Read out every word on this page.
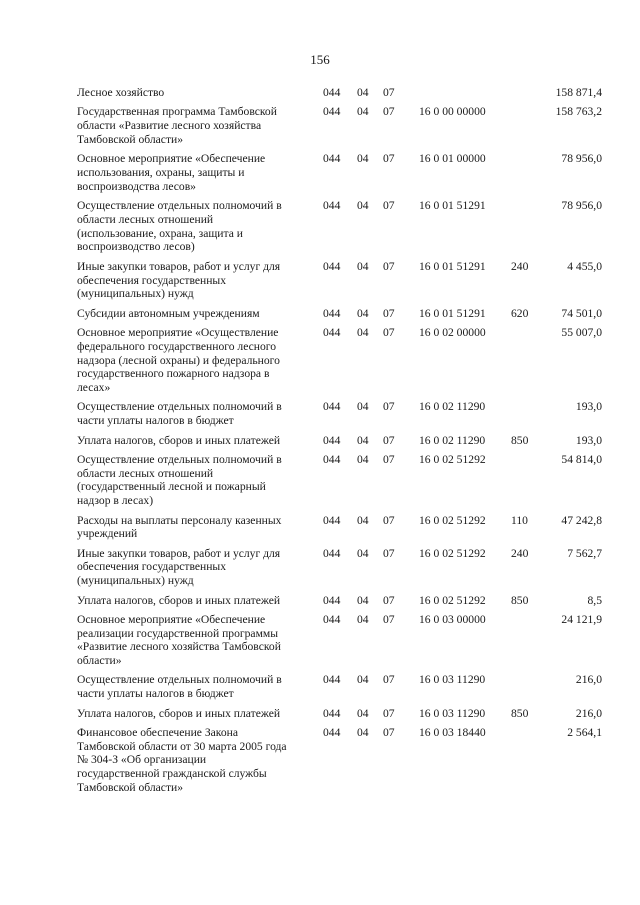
156
Лесное хозяйство	044	04	07	158 871,4
Государственная программа Тамбовской
области «Развитие лесного хозяйства
Тамбовской области»
044	04	07	16 0 00 00000	158 763,2
Основное мероприятие «Обеспечение
использования, охраны, защиты и
воспроизводства лесов»
044	04	07	16 0 01 00000	78 956,0
Осуществление отдельных полномочий в
области лесных отношений
(использование, охрана, защита и
воспроизводство лесов)
044	04	07	16 0 01 51291	78 956,0
Иные закупки товаров, работ и услуг для
обеспечения государственных
(муниципальных) нужд
044	04	07	16 0 01 51291	240	4 455,0
Субсидии автономным учреждениям	044	04	07	16 0 01 51291	620	74 501,0
Основное мероприятие «Осуществление
федерального государственного лесного
надзора (лесной охраны) и федерального
государственного пожарного надзора в
лесах»
044	04	07	16 0 02 00000	55 007,0
Осуществление отдельных полномочий в
части уплаты налогов в бюджет
044	04	07	16 0 02 11290	193,0
Уплата налогов, сборов и иных платежей	044	04	07	16 0 02 11290	850	193,0
Осуществление отдельных полномочий в
области лесных отношений
(государственный лесной и пожарный
надзор в лесах)
044	04	07	16 0 02 51292	54 814,0
Расходы на выплаты персоналу казенных
учреждений
044	04	07	16 0 02 51292	110	47 242,8
Иные закупки товаров, работ и услуг для
обеспечения государственных
(муниципальных) нужд
044	04	07	16 0 02 51292	240	7 562,7
Уплата налогов, сборов и иных платежей	044	04	07	16 0 02 51292	850	8,5
Основное мероприятие «Обеспечение
реализации государственной программы
«Развитие лесного хозяйства Тамбовской
области»
044	04	07	16 0 03 00000	24 121,9
Осуществление отдельных полномочий в
части уплаты налогов в бюджет
044	04	07	16 0 03 11290	216,0
Уплата налогов, сборов и иных платежей	044	04	07	16 0 03 11290	850	216,0
Финансовое обеспечение Закона
Тамбовской области от 30 марта 2005 года
№ 304-З «Об организации
государственной гражданской службы
Тамбовской области»
044	04	07	16 0 03 18440	2 564,1
